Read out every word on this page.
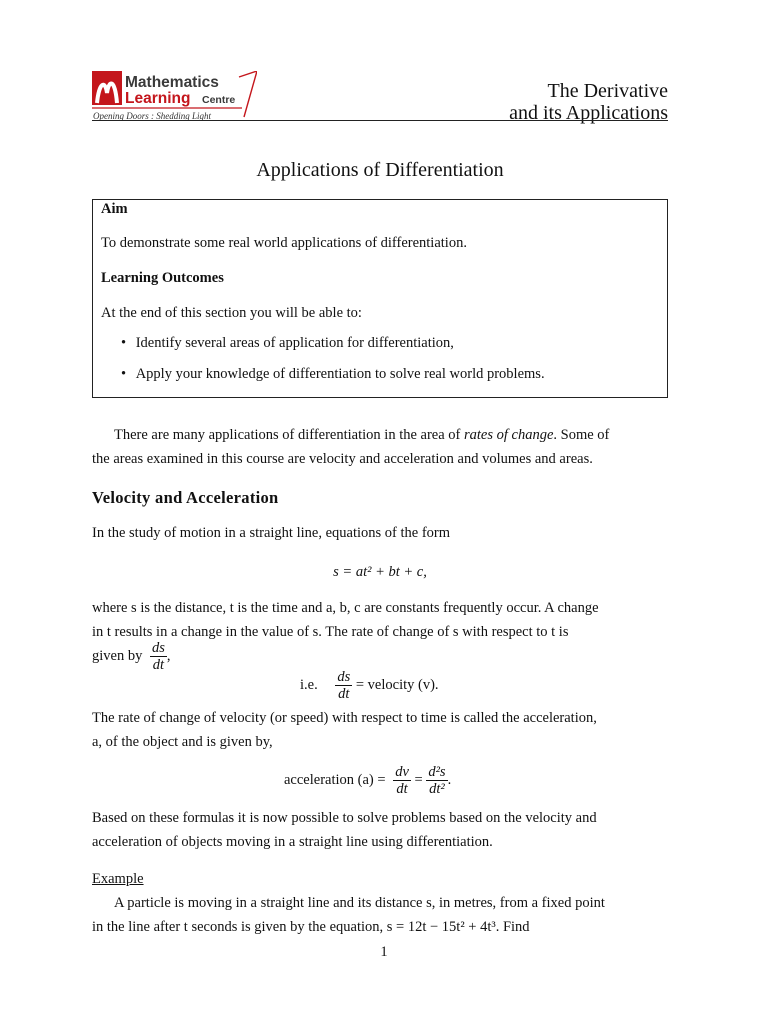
Mathematics
Learning Centre
Opening Doors : Shedding Light
The Derivative
and its Applications
Applications of Differentiation
Aim
To demonstrate some real world applications of differentiation.
Learning Outcomes
At the end of this section you will be able to:
• Identify several areas of application for differentiation,
• Apply your knowledge of differentiation to solve real world problems.
There are many applications of differentiation in the area of rates of change. Some of
the areas examined in this course are velocity and acceleration and volumes and areas.
Velocity and Acceleration
In the study of motion in a straight line, equations of the form
s = at² + bt + c,
where s is the distance, t is the time and a, b, c are constants frequently occur. A change
in t results in a change in the value of s. The rate of change of s with respect to t is
given by $\frac{ds}{dt}$ ,
i.e. $\frac{ds}{dt}$ = velocity (v).
The rate of change of velocity (or speed) with respect to time is called the acceleration,
a, of the object and is given by,
acceleration $(a) = \frac{dv}{dt} = \frac{\text{d²s}}{\text{dt²}}$ .
Based on these formulas it is now possible to solve problems based on the velocity and
acceleration of objects moving in a straight line using differentiation.
Example
A particle is moving in a straight line and its distance s, in metres, from a fixed point
in the line after t seconds is given by the equation, s = 12t − 15t² + 4t³. Find
1
